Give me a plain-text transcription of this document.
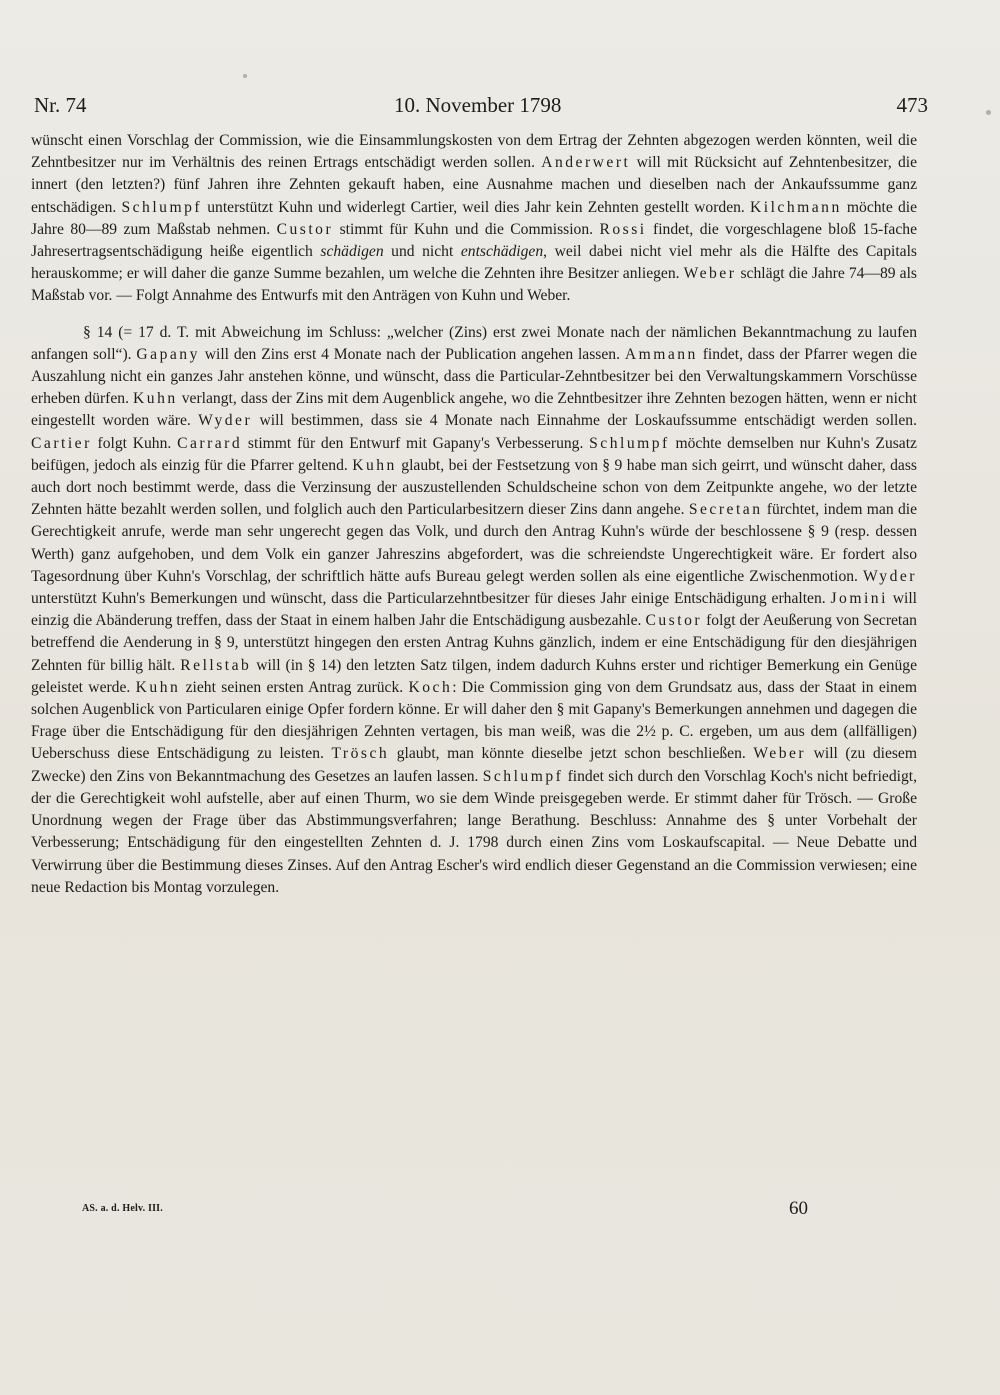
Nr. 74	10. November 1798	473

wünscht einen Vorschlag der Commission, wie die Einsammlungskosten von dem Ertrag der Zehnten abgezogen werden könnten, weil die Zehntbesitzer nur im Verhältnis des reinen Ertrags entschädigt werden sollen. Anderwert will mit Rücksicht auf Zehntenbesitzer, die innert (den letzten?) fünf Jahren ihre Zehnten gekauft haben, eine Ausnahme machen und dieselben nach der Ankaufssumme ganz entschädigen. Schlumpf unterstützt Kuhn und widerlegt Cartier, weil dies Jahr kein Zehnten gestellt worden. Kilchmann möchte die Jahre 80—89 zum Maßstab nehmen. Custor stimmt für Kuhn und die Commission. Rossi findet, die vorgeschlagene bloß 15-fache Jahresertragsentschädigung heiße eigentlich schädigen und nicht entschädigen, weil dabei nicht viel mehr als die Hälfte des Capitals herauskomme; er will daher die ganze Summe bezahlen, um welche die Zehnten ihre Besitzer anliegen. Weber schlägt die Jahre 74—89 als Maßstab vor. — Folgt Annahme des Entwurfs mit den Anträgen von Kuhn und Weber.

§ 14 (= 17 d. T. mit Abweichung im Schluss: „welcher (Zins) erst zwei Monate nach der nämlichen Bekanntmachung zu laufen anfangen soll“). Gapany will den Zins erst 4 Monate nach der Publication angehen lassen. Ammann findet, dass der Pfarrer wegen die Auszahlung nicht ein ganzes Jahr anstehen könne, und wünscht, dass die Particular-Zehntbesitzer bei den Verwaltungskammern Vorschüsse erheben dürfen. Kuhn verlangt, dass der Zins mit dem Augenblick angehe, wo die Zehntbesitzer ihre Zehnten bezogen hätten, wenn er nicht eingestellt worden wäre. Wyder will bestimmen, dass sie 4 Monate nach Einnahme der Loskaufssumme entschädigt werden sollen. Cartier folgt Kuhn. Carrard stimmt für den Entwurf mit Gapany's Verbesserung. Schlumpf möchte demselben nur Kuhn's Zusatz beifügen, jedoch als einzig für die Pfarrer geltend. Kuhn glaubt, bei der Festsetzung von § 9 habe man sich geirrt, und wünscht daher, dass auch dort noch bestimmt werde, dass die Verzinsung der auszustellenden Schuldscheine schon von dem Zeitpunkte angehe, wo der letzte Zehnten hätte bezahlt werden sollen, und folglich auch den Particularbesitzern dieser Zins dann angehe. Secretan fürchtet, indem man die Gerechtigkeit anrufe, werde man sehr ungerecht gegen das Volk, und durch den Antrag Kuhn's würde der beschlossene § 9 (resp. dessen Werth) ganz aufgehoben, und dem Volk ein ganzer Jahreszins abgefordert, was die schreiendste Ungerechtigkeit wäre. Er fordert also Tagesordnung über Kuhn's Vorschlag, der schriftlich hätte aufs Bureau gelegt werden sollen als eine eigentliche Zwischenmotion. Wyder unterstützt Kuhn's Bemerkungen und wünscht, dass die Particularzehntbesitzer für dieses Jahr einige Entschädigung erhalten. Jomini will einzig die Abänderung treffen, dass der Staat in einem halben Jahr die Entschädigung ausbezahle. Custor folgt der Aeußerung von Secretan betreffend die Aenderung in § 9, unterstützt hingegen den ersten Antrag Kuhns gänzlich, indem er eine Entschädigung für den diesjährigen Zehnten für billig hält. Rellstab will (in § 14) den letzten Satz tilgen, indem dadurch Kuhns erster und richtiger Bemerkung ein Genüge geleistet werde. Kuhn zieht seinen ersten Antrag zurück. Koch: Die Commission ging von dem Grundsatz aus, dass der Staat in einem solchen Augenblick von Particularen einige Opfer fordern könne. Er will daher den § mit Gapany's Bemerkungen annehmen und dagegen die Frage über die Entschädigung für den diesjährigen Zehnten vertagen, bis man weiß, was die 2½ p. C. ergeben, um aus dem (allfälligen) Ueberschuss diese Entschädigung zu leisten. Trösch glaubt, man könnte dieselbe jetzt schon beschließen. Weber will (zu diesem Zwecke) den Zins von Bekanntmachung des Gesetzes an laufen lassen. Schlumpf findet sich durch den Vorschlag Koch's nicht befriedigt, der die Gerechtigkeit wohl aufstelle, aber auf einen Thurm, wo sie dem Winde preisgegeben werde. Er stimmt daher für Trösch. — Große Unordnung wegen der Frage über das Abstimmungsverfahren; lange Berathung. Beschluss: Annahme des § unter Vorbehalt der Verbesserung; Entschädigung für den eingestellten Zehnten d. J. 1798 durch einen Zins vom Loskaufscapital. — Neue Debatte und Verwirrung über die Bestimmung dieses Zinses. Auf den Antrag Escher's wird endlich dieser Gegenstand an die Commission verwiesen; eine neue Redaction bis Montag vorzulegen.

AS. a. d. Helv. III.	60
